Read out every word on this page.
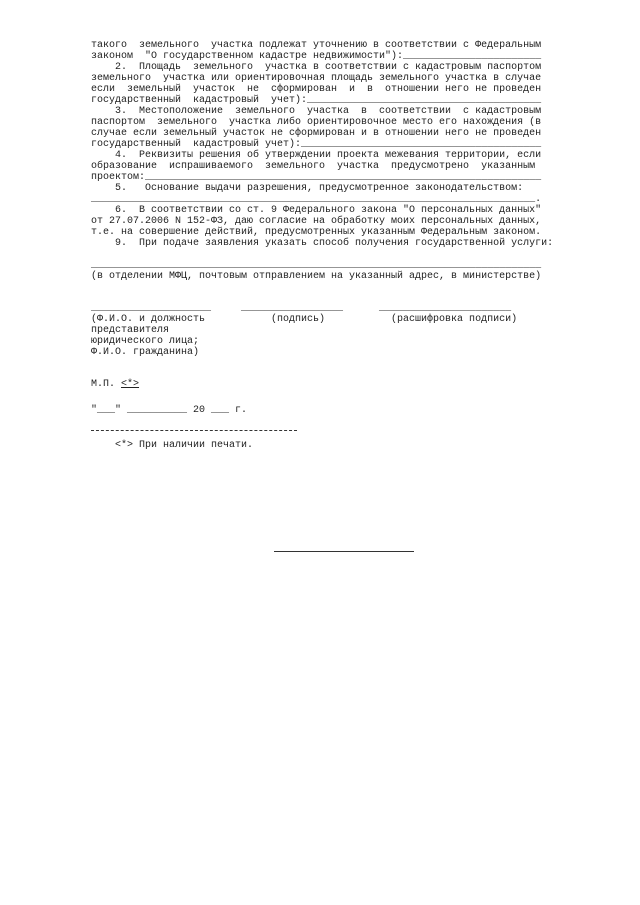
такого  земельного  участка подлежат уточнению в соответствии с Федеральным
законом  "О государственном кадастре недвижимости"):_______________________
2.  Площадь  земельного  участка в соответствии с кадастровым паспортом
земельного  участка или ориентировочная площадь земельного участка в случае
если  земельный  участок  не  сформирован  и  в  отношении него не проведен
государственный  кадастровый  учет):_______________________________________
3.  Местоположение  земельного  участка  в  соответствии  с кадастровым
паспортом  земельного  участка либо ориентировочное место его нахождения (в
случае если земельный участок не сформирован и в отношении него не проведен
государственный  кадастровый учет):________________________________________
4.  Реквизиты решения об утверждении проекта межевания территории, если
образование  испрашиваемого  земельного  участка  предусмотрено  указанным
проектом:__________________________________________________________________
5.   Основание выдачи разрешения, предусмотренное законодательством:
__________________________________________________________________________.
6.  В соответствии со ст. 9 Федерального закона "О персональных данных"
от 27.07.2006 N 152-ФЗ, даю согласие на обработку моих персональных данных,
т.е. на совершение действий, предусмотренных указанным Федеральным законом.
9.  При подаче заявления указать способ получения государственной услуги:
___________________________________________________________________________
(в отделении МФЦ, почтовым отправлением на указанный адрес, в министерстве)
____________________     _________________      ______________________
(Ф.И.О. и должность           (подпись)           (расшифровка подписи)
представителя
юридического лица;
Ф.И.О. гражданина)
М.П. <*>
"___" __________ 20 ___ г.
<*> При наличии печати.
